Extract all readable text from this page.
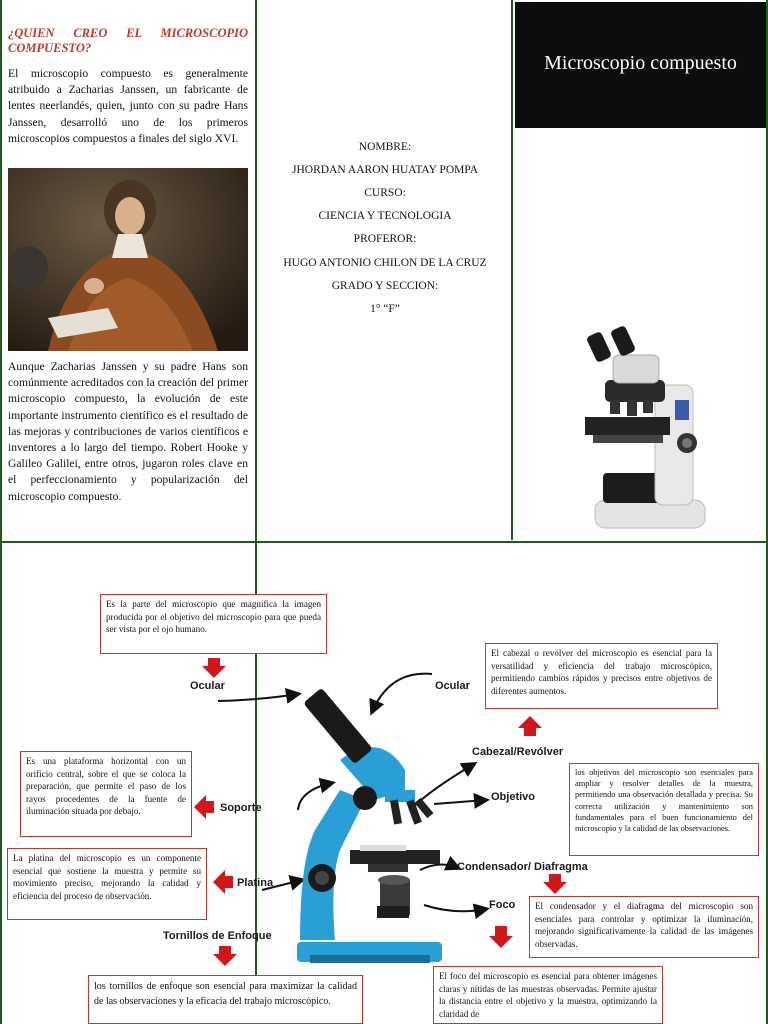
¿QUIEN CREO EL MICROSCOPIO
COMPUESTO?
El microscopio compuesto es generalmente atribuido a Zacharias Janssen, un fabricante de lentes neerlandés, quien, junto con su padre Hans Janssen, desarrolló uno de los primeros microscopios compuestos a finales del siglo XVI.
Aunque Zacharias Janssen y su padre Hans son comúnmente acreditados con la creación del primer microscopio compuesto, la evolución de este importante instrumento científico es el resultado de las mejoras y contribuciones de varios científicos e inventores a lo largo del tiempo. Robert Hooke y Galileo Galilei, entre otros, jugaron roles clave en el perfeccionamiento y popularización del microscopio compuesto.
NOMBRE:
JHORDAN AARON HUATAY POMPA
CURSO:
CIENCIA Y TECNOLOGIA
PROFEROR:
HUGO ANTONIO CHILON DE LA CRUZ
GRADO Y SECCION:
1° “F”
Microscopio compuesto
Es la parte del microscopio que magnifica la imagen producida por el objetivo del microscopio para que pueda ser vista por el ojo humano.
El cabezal o revólver del microscopio es esencial para la versatilidad y eficiencia del trabajo microscópico, permitiendo cambios rápidos y precisos entre objetivos de diferentes aumentos.
Es una plataforma horizontal con un orificio central, sobre el que se coloca la preparación, que permite el paso de los rayos procedentes de la fuente de iluminación situada por debajo.
los objetivos del microscopio son esenciales para ampliar y resolver detalles de la muestra, permitiendo una observación detallada y precisa. Su correcta utilización y mantenimiento son fundamentales para el buen funcionamiento del microscopio y la calidad de las observaciones.
La platina del microscopio es un componente esencial que sostiene la muestra y permite su movimiento preciso, mejorando la calidad y eficiencia del proceso de observación.
El condensador y el diafragma del microscopio son esenciales para controlar y optimizar la iluminación, mejorando significativamente la calidad de las imágenes observadas.
los tornillos de enfoque son esencial para maximizar la calidad de las observaciones y la eficacia del trabajo microscópico.
El foco del microscopio es esencial para obtener imágenes claras y nítidas de las muestras observadas. Permite ajustar la distancia entre el objetivo y la muestra, optimizando la claridad de
Ocular	Ocular
Cabezal/Revólver
Objetivo
Soporte
Platina
Condensador/ Diafragma
Foco
Tornillos de Enfoque
